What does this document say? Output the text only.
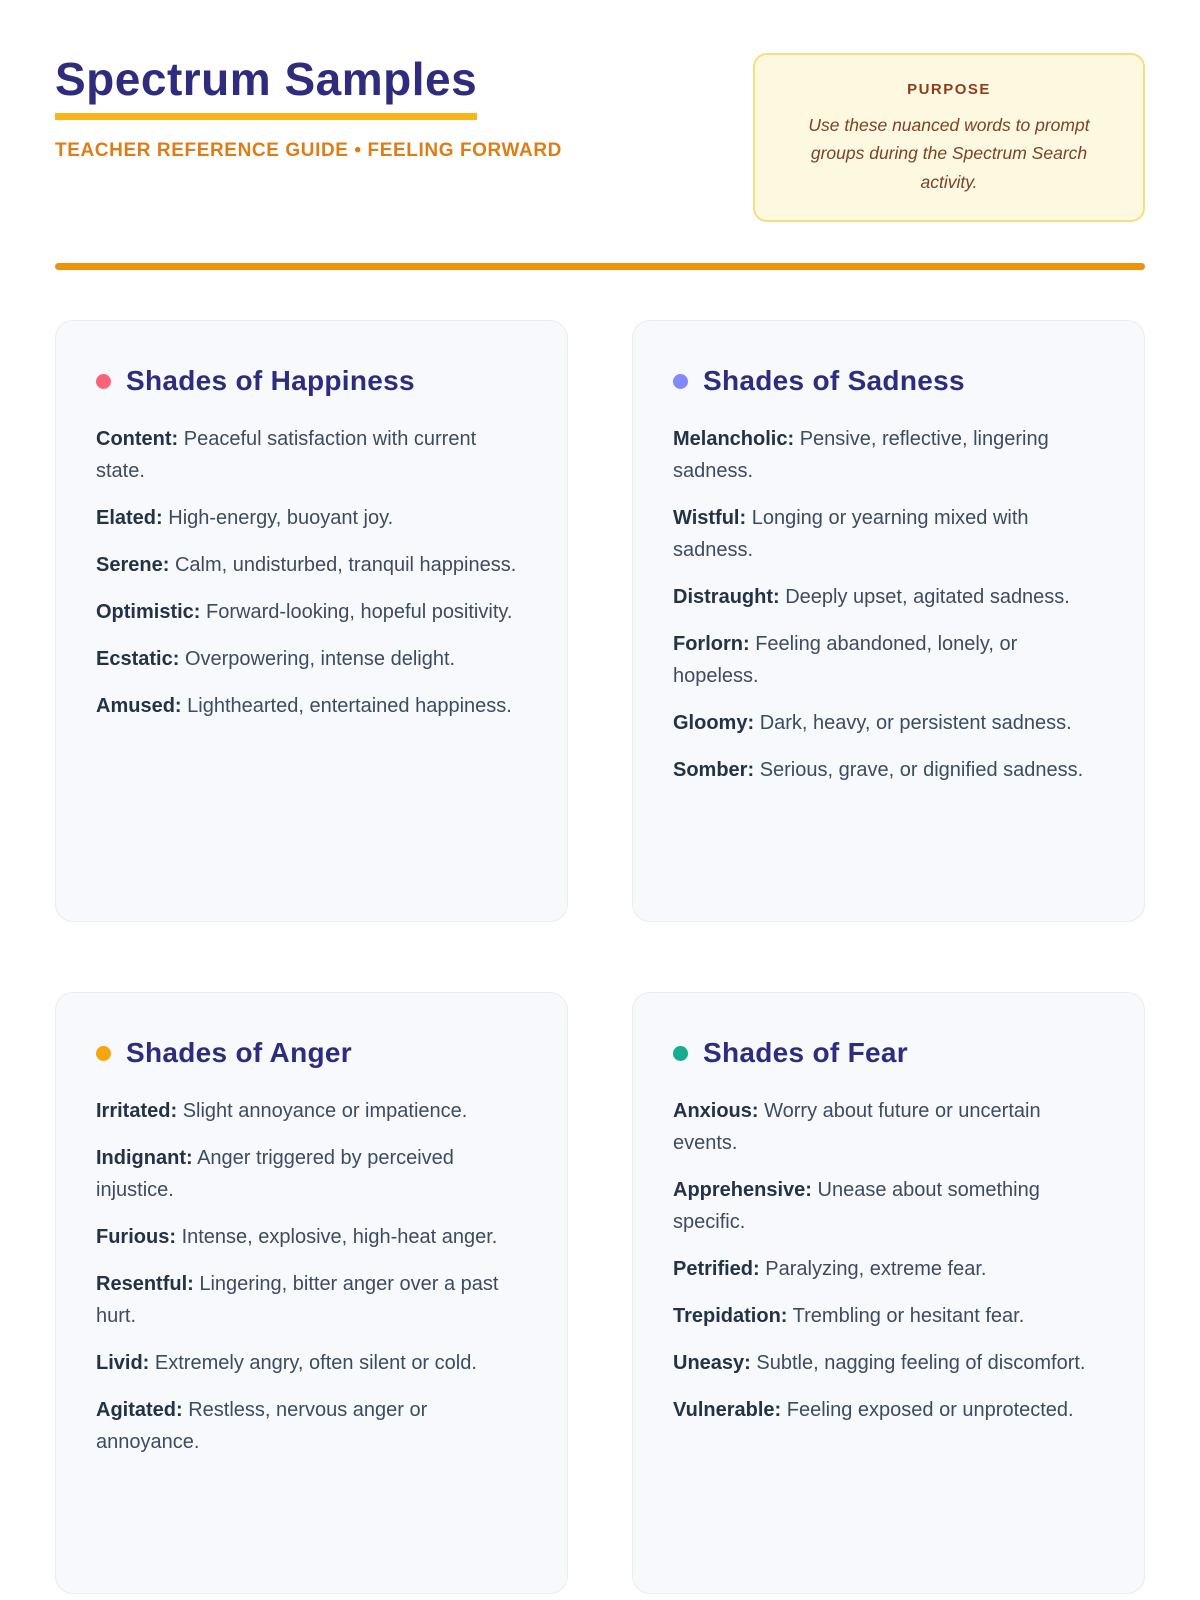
Spectrum Samples
TEACHER REFERENCE GUIDE • FEELING FORWARD
PURPOSE
Use these nuanced words to prompt groups during the Spectrum Search activity.
Shades of Happiness

Content: Peaceful satisfaction with current state.

Elated: High-energy, buoyant joy.

Serene: Calm, undisturbed, tranquil happiness.

Optimistic: Forward-looking, hopeful positivity.

Ecstatic: Overpowering, intense delight.

Amused: Lighthearted, entertained happiness.

Shades of Sadness

Melancholic: Pensive, reflective, lingering sadness.

Wistful: Longing or yearning mixed with sadness.

Distraught: Deeply upset, agitated sadness.

Forlorn: Feeling abandoned, lonely, or hopeless.

Gloomy: Dark, heavy, or persistent sadness.

Somber: Serious, grave, or dignified sadness.

Shades of Anger

Irritated: Slight annoyance or impatience.

Indignant: Anger triggered by perceived injustice.

Furious: Intense, explosive, high-heat anger.

Resentful: Lingering, bitter anger over a past hurt.

Livid: Extremely angry, often silent or cold.

Agitated: Restless, nervous anger or annoyance.

Shades of Fear

Anxious: Worry about future or uncertain events.

Apprehensive: Unease about something specific.

Petrified: Paralyzing, extreme fear.

Trepidation: Trembling or hesitant fear.

Uneasy: Subtle, nagging feeling of discomfort.

Vulnerable: Feeling exposed or unprotected.
